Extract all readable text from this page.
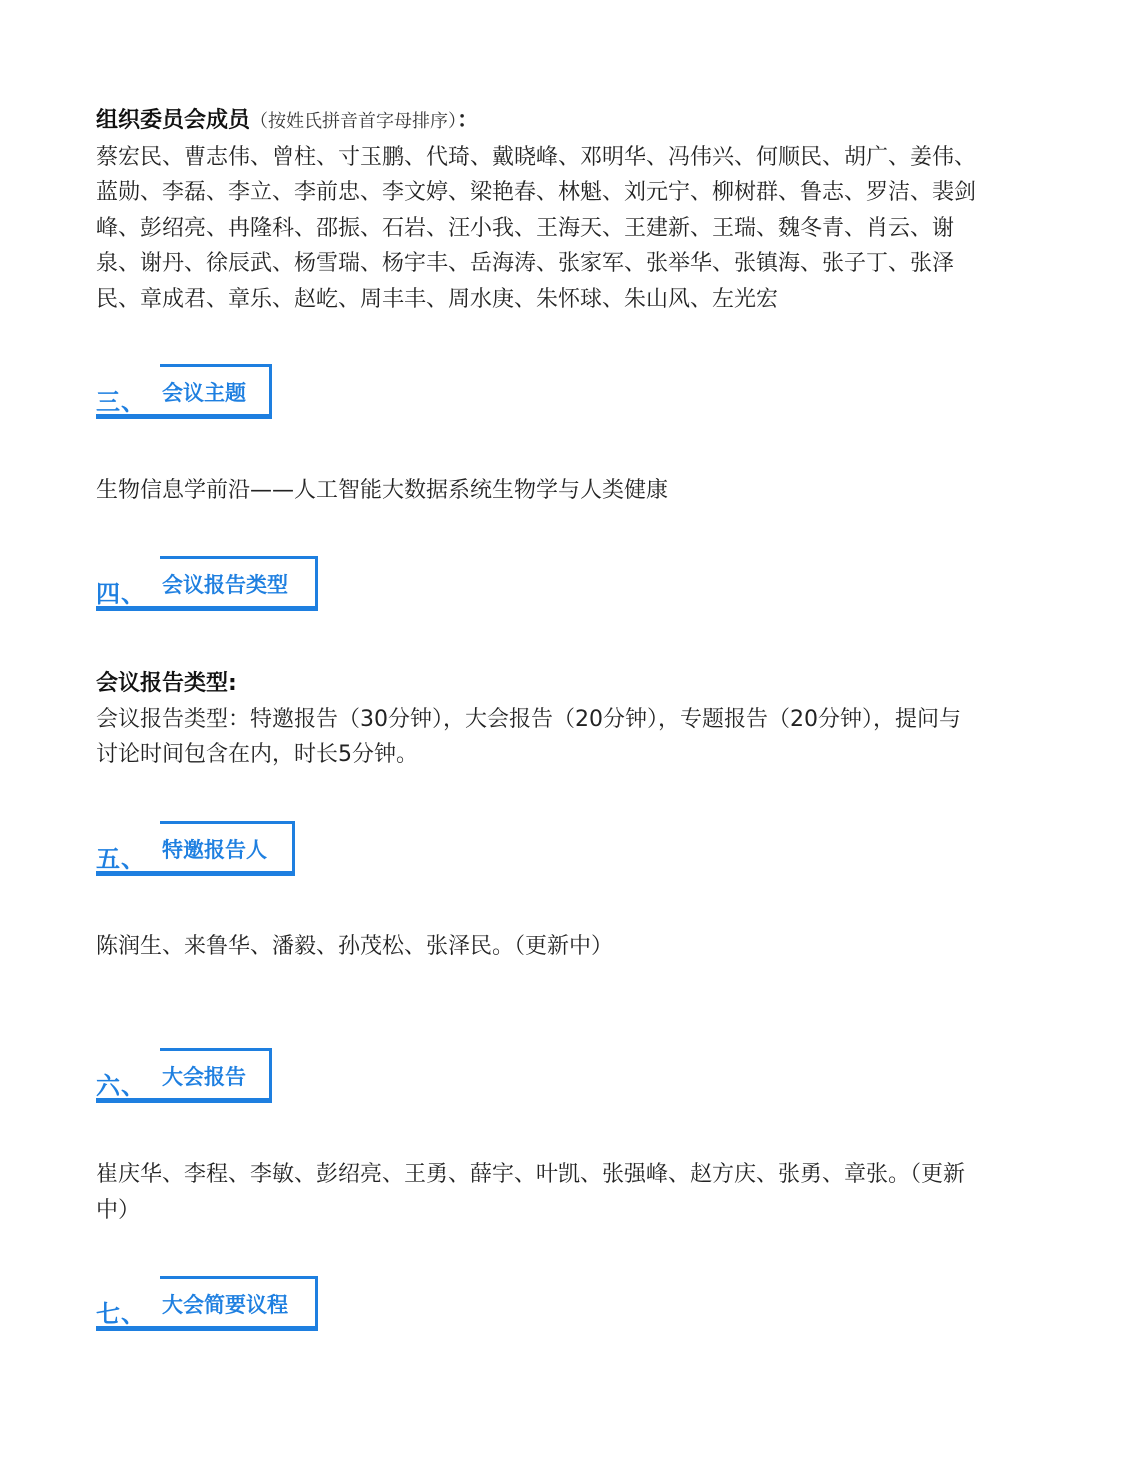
组织委员会成员（按姓氏拼音首字母排序）：
蔡宏民、曹志伟、曾柱、寸玉鹏、代琦、戴晓峰、邓明华、冯伟兴、何顺民、胡广、姜伟、
蓝勋、李磊、李立、李前忠、李文婷、梁艳春、林魁、刘元宁、柳树群、鲁志、罗洁、裴剑
峰、彭绍亮、冉隆科、邵振、石岩、汪小我、王海天、王建新、王瑞、魏冬青、肖云、谢
泉、谢丹、徐辰武、杨雪瑞、杨宇丰、岳海涛、张家军、张举华、张镇海、张子丁、张泽
民、章成君、章乐、赵屹、周丰丰、周水庚、朱怀球、朱山风、左光宏
三、 会议主题
生物信息学前沿——人工智能大数据系统生物学与人类健康
四、 会议报告类型
会议报告类型:
会议报告类型：特邀报告（30分钟），大会报告（20分钟），专题报告（20分钟），提问与
讨论时间包含在内，时长5分钟。
五、 特邀报告人
陈润生、来鲁华、潘毅、孙茂松、张泽民。（更新中）
六、 大会报告
崔庆华、李程、李敏、彭绍亮、王勇、薛宇、叶凯、张强峰、赵方庆、张勇、章张。（更新
中）
七、 大会简要议程
